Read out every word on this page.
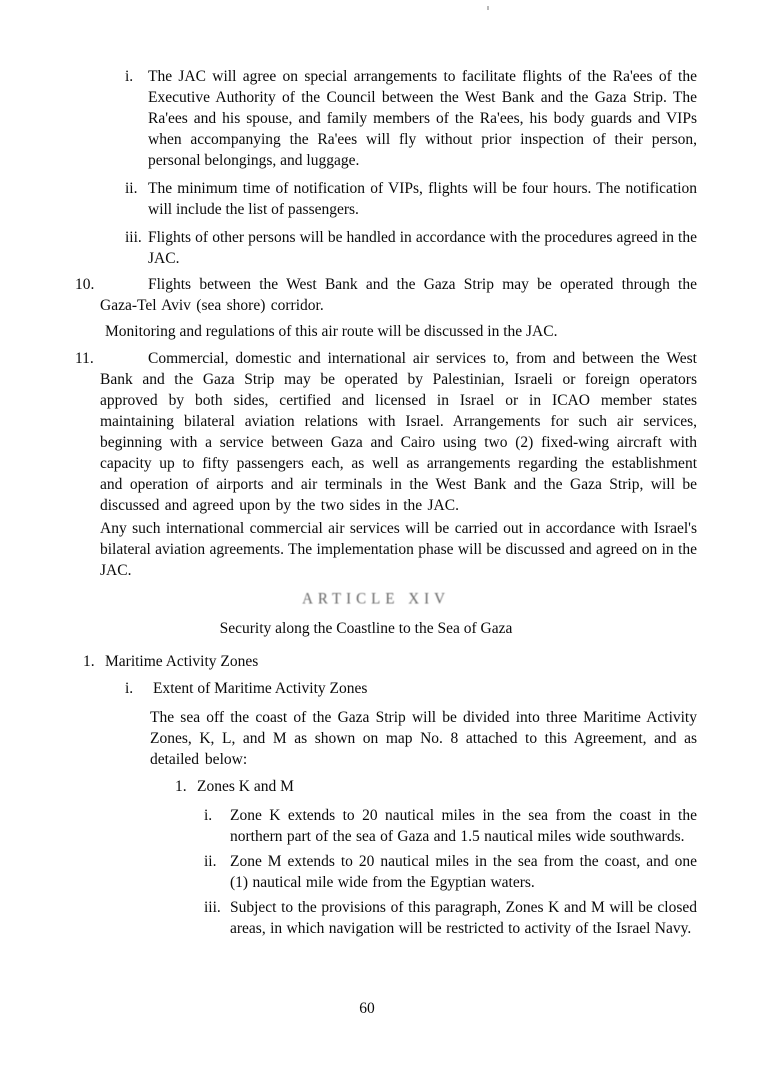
i. The JAC will agree on special arrangements to facilitate flights of the Ra'ees of the Executive Authority of the Council between the West Bank and the Gaza Strip. The Ra'ees and his spouse, and family members of the Ra'ees, his body guards and VIPs when accompanying the Ra'ees will fly without prior inspection of their person, personal belongings, and luggage.
ii. The minimum time of notification of VIPs, flights will be four hours. The notification will include the list of passengers.
iii. Flights of other persons will be handled in accordance with the procedures agreed in the JAC.
10.	Flights between the West Bank and the Gaza Strip may be operated through the Gaza-Tel Aviv (sea shore) corridor.

Monitoring and regulations of this air route will be discussed in the JAC.

11.	Commercial, domestic and international air services to, from and between the West Bank and the Gaza Strip may be operated by Palestinian, Israeli or foreign operators approved by both sides, certified and licensed in Israel or in ICAO member states maintaining bilateral aviation relations with Israel. Arrangements for such air services, beginning with a service between Gaza and Cairo using two (2) fixed-wing aircraft with capacity up to fifty passengers each, as well as arrangements regarding the establishment and operation of airports and air terminals in the West Bank and the Gaza Strip, will be discussed and agreed upon by the two sides in the JAC.

Any such international commercial air services will be carried out in accordance with Israel's bilateral aviation agreements. The implementation phase will be discussed and agreed on in the JAC.

ARTICLE XIV
Security along the Coastline to the Sea of Gaza
1. Maritime Activity Zones
i.	Extent of Maritime Activity Zones

The sea off the coast of the Gaza Strip will be divided into three Maritime Activity Zones, K, L, and M as shown on map No. 8 attached to this Agreement, and as detailed below:

1. Zones K and M
i.	Zone K extends to 20 nautical miles in the sea from the coast in the northern part of the sea of Gaza and 1.5 nautical miles wide southwards.
ii. Zone M extends to 20 nautical miles in the sea from the coast, and one (1) nautical mile wide from the Egyptian waters.
iii. Subject to the provisions of this paragraph, Zones K and M will be closed areas, in which navigation will be restricted to activity of the Israel Navy.
60
